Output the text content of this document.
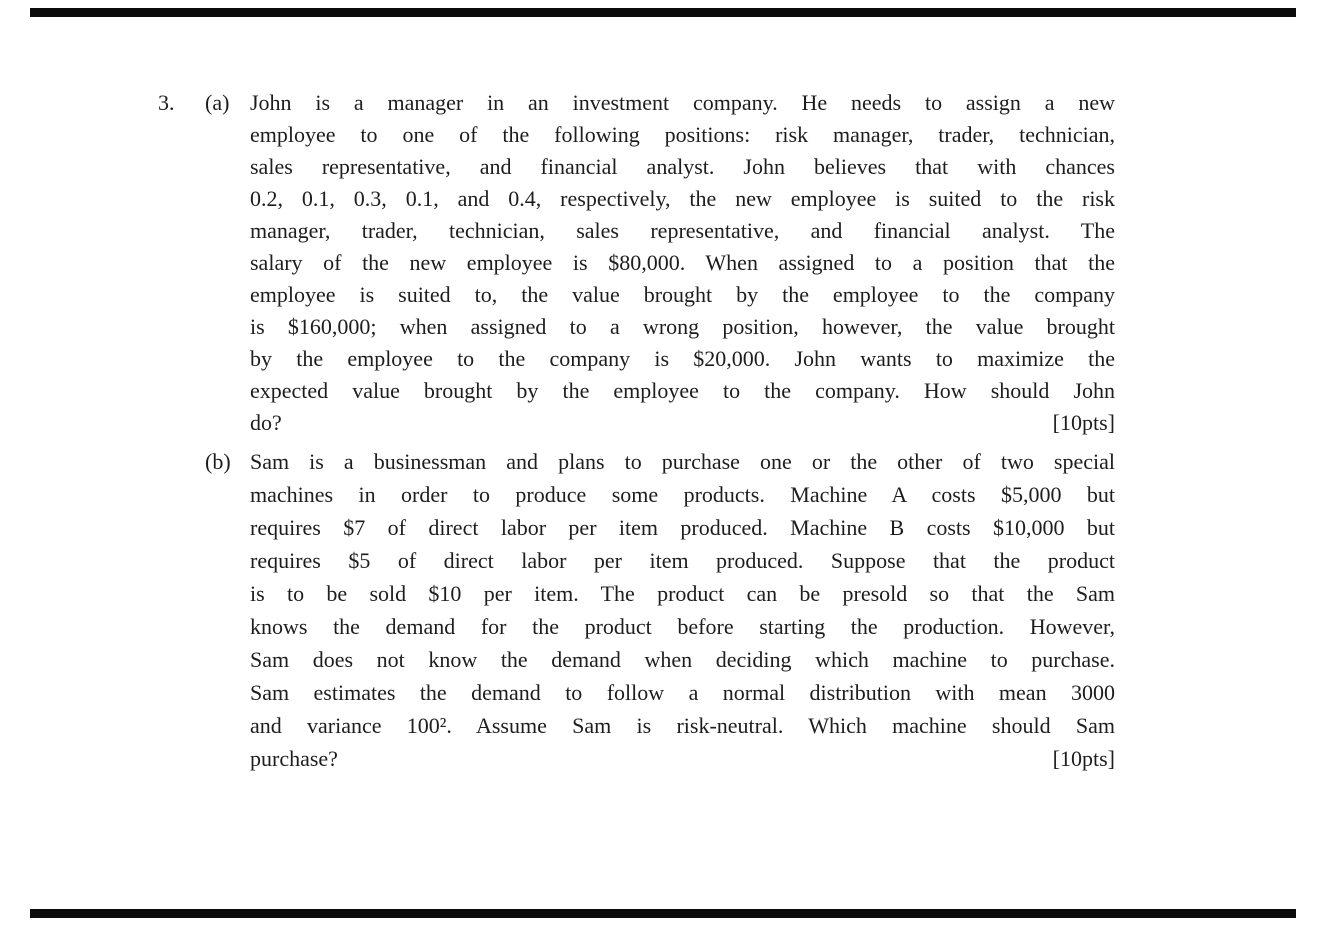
3. (a) John is a manager in an investment company. He needs to assign a new
employee to one of the following positions: risk manager, trader, technician,
sales representative, and financial analyst. John believes that with chances
0.2, 0.1, 0.3, 0.1, and 0.4, respectively, the new employee is suited to the risk
manager, trader, technician, sales representative, and financial analyst. The
salary of the new employee is $80,000. When assigned to a position that the
employee is suited to, the value brought by the employee to the company
is $160,000; when assigned to a wrong position, however, the value brought
by the employee to the company is $20,000. John wants to maximize the
expected value brought by the employee to the company. How should John
do?	[10pts]
(b) Sam is a businessman and plans to purchase one or the other of two special
machines in order to produce some products. Machine A costs $5,000 but
requires $7 of direct labor per item produced. Machine B costs $10,000 but
requires $5 of direct labor per item produced. Suppose that the product
is to be sold $10 per item. The product can be presold so that the Sam
knows the demand for the product before starting the production. However,
Sam does not know the demand when deciding which machine to purchase.
Sam estimates the demand to follow a normal distribution with mean 3000
and variance 100². Assume Sam is risk-neutral. Which machine should Sam
purchase?	[10pts]
